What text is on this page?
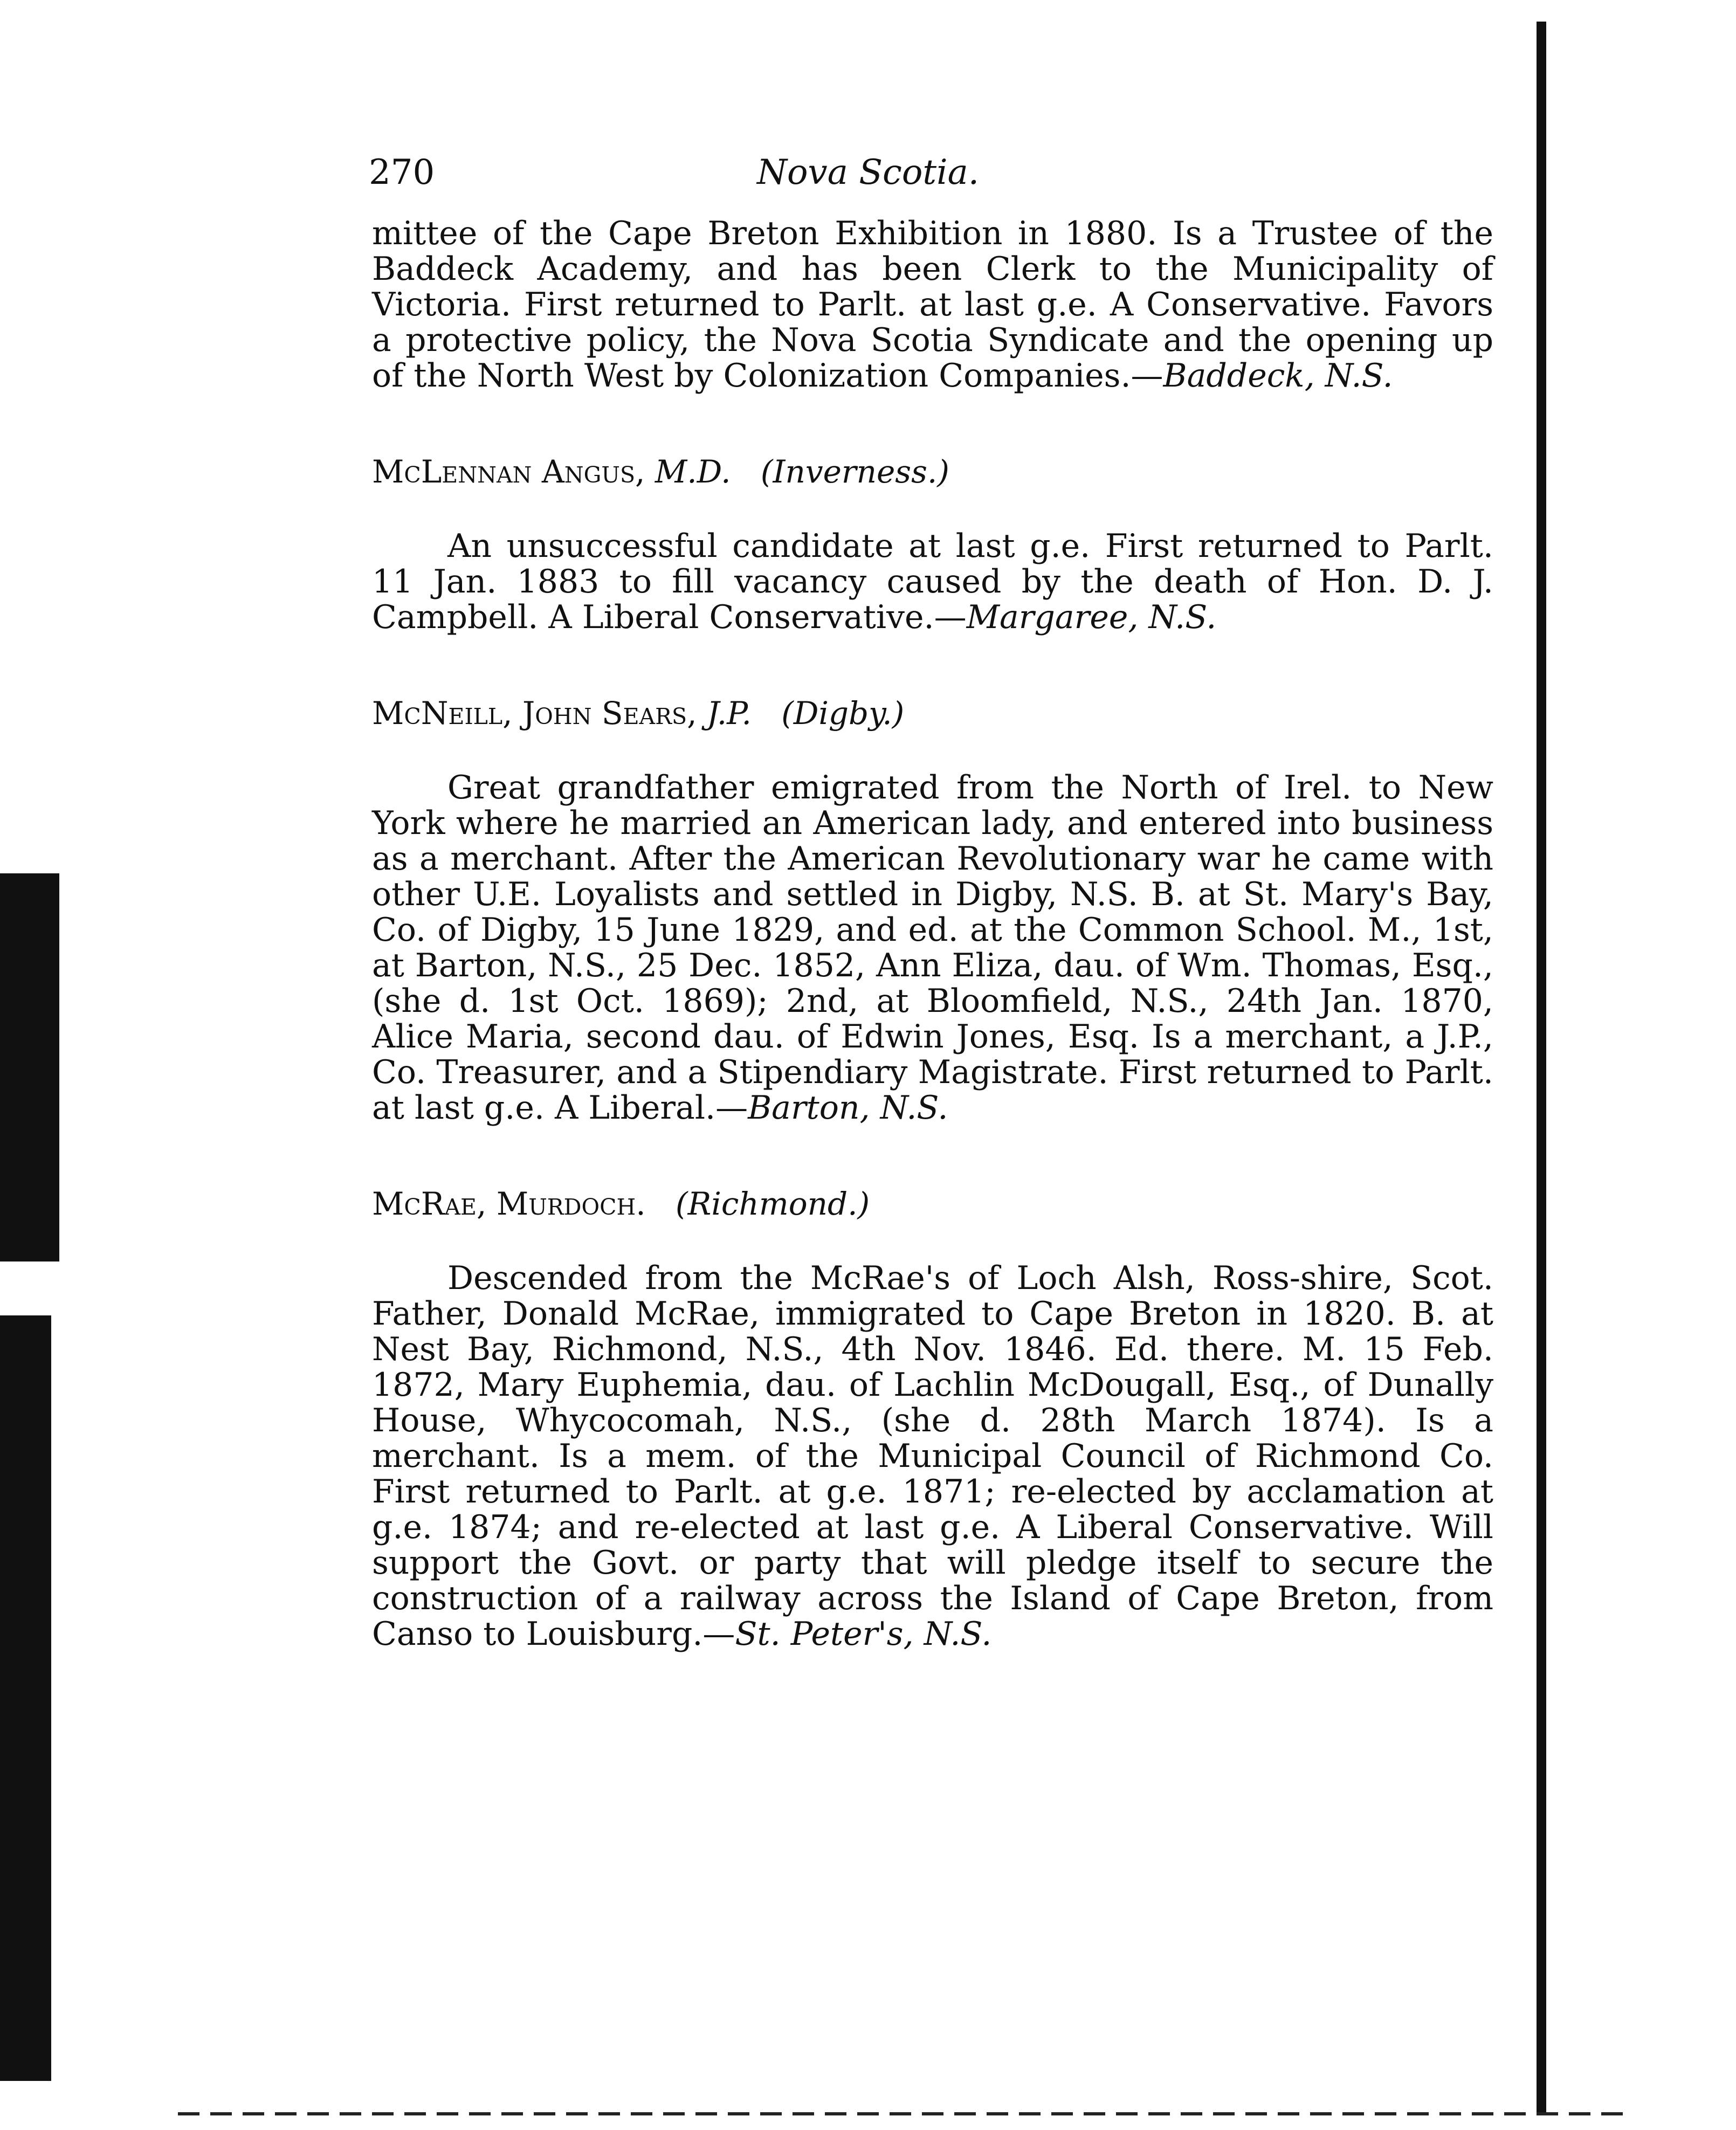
270	Nova Scotia.

mittee of the Cape Breton Exhibition in 1880. Is a Trustee of the Baddeck Academy, and has been Clerk to the Municipality of Victoria. First returned to Parlt. at last g.e. A Conservative. Favors a protective policy, the Nova Scotia Syndicate and the opening up of the North West by Colonization Companies.—Baddeck, N.S.

McLennan Angus, M.D. (Inverness.)

An unsuccessful candidate at last g.e. First returned to Parlt. 11 Jan. 1883 to fill vacancy caused by the death of Hon. D. J. Campbell. A Liberal Conservative.—Margaree, N.S.

McNeill, John Sears, J.P. (Digby.)

Great grandfather emigrated from the North of Irel. to New York where he married an American lady, and entered into business as a merchant. After the American Revolutionary war he came with other U.E. Loyalists and settled in Digby, N.S. B. at St. Mary's Bay, Co. of Digby, 15 June 1829, and ed. at the Common School. M., 1st, at Barton, N.S., 25 Dec. 1852, Ann Eliza, dau. of Wm. Thomas, Esq., (she d. 1st Oct. 1869); 2nd, at Bloomfield, N.S., 24th Jan. 1870, Alice Maria, second dau. of Edwin Jones, Esq. Is a merchant, a J.P., Co. Treasurer, and a Stipendiary Magistrate. First returned to Parlt. at last g.e. A Liberal.—Barton, N.S.

McRae, Murdoch. (Richmond.)

Descended from the McRae's of Loch Alsh, Ross-shire, Scot. Father, Donald McRae, immigrated to Cape Breton in 1820. B. at Nest Bay, Richmond, N.S., 4th Nov. 1846. Ed. there. M. 15 Feb. 1872, Mary Euphemia, dau. of Lachlin McDougall, Esq., of Dunally House, Whycocomah, N.S., (she d. 28th March 1874). Is a merchant. Is a mem. of the Municipal Council of Richmond Co. First returned to Parlt. at g.e. 1871; re-elected by acclamation at g.e. 1874; and re-elected at last g.e. A Liberal Conservative. Will support the Govt. or party that will pledge itself to secure the construction of a railway across the Island of Cape Breton, from Canso to Louisburg.—St. Peter's, N.S.
